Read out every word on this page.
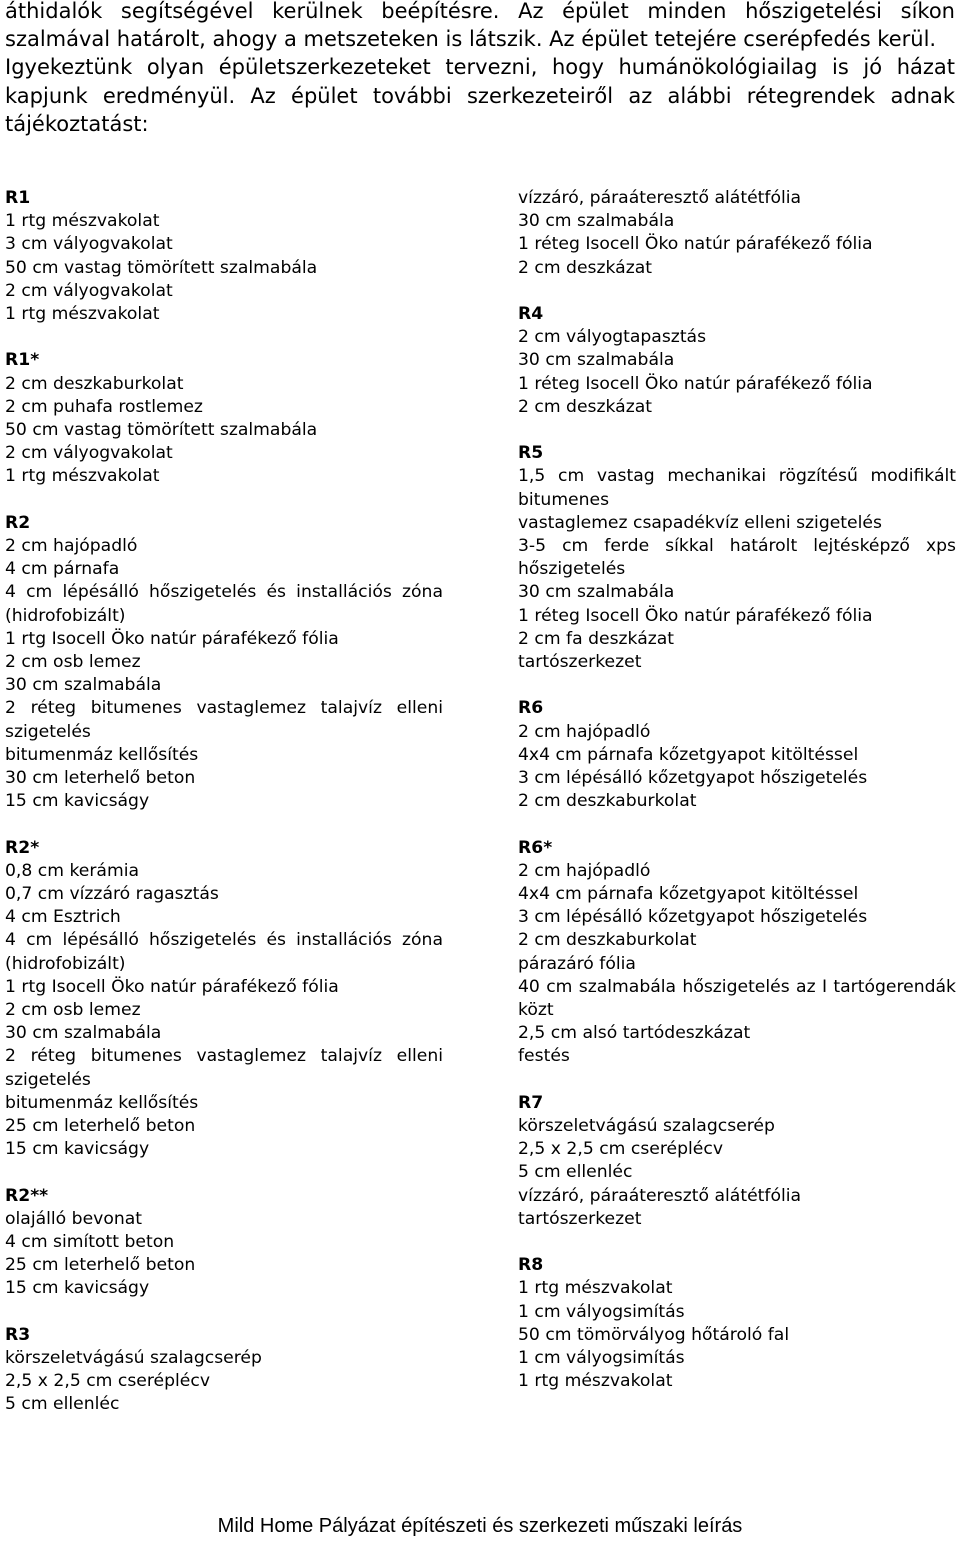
áthidalók segítségével kerülnek beépítésre. Az épület minden hőszigetelési síkon szalmával határolt, ahogy a metszeteken is látszik. Az épület tetejére cserépfedés kerül.

Igyekeztünk olyan épületszerkezeteket tervezni, hogy humánökológiailag is jó házat kapjunk eredményül. Az épület további szerkezeteiről az alábbi rétegrendek adnak tájékoztatást:

R1
1 rtg mészvakolat
3 cm vályogvakolat
50 cm vastag tömörített szalmabála
2 cm vályogvakolat
1 rtg mészvakolat
R1*
2 cm deszkaburkolat
2 cm puhafa rostlemez
50 cm vastag tömörített szalmabála
2 cm vályogvakolat
1 rtg mészvakolat
R2
2 cm hajópadló
4 cm párnafa
4 cm lépésálló hőszigetelés és installációs zóna (hidrofobizált)
1 rtg Isocell Öko natúr párafékező fólia
2 cm osb lemez
30 cm szalmabála
2 réteg bitumenes vastaglemez talajvíz elleni szigetelés
bitumenmáz kellősítés
30 cm leterhelő beton
15 cm kavicságy
R2*
0,8 cm kerámia
0,7 cm vízzáró ragasztás
4 cm Esztrich
4 cm lépésálló hőszigetelés és installációs zóna (hidrofobizált)
1 rtg Isocell Öko natúr párafékező fólia
2 cm osb lemez
30 cm szalmabála
2 réteg bitumenes vastaglemez talajvíz elleni szigetelés
bitumenmáz kellősítés
25 cm leterhelő beton
15 cm kavicságy
R2**
olajálló bevonat
4 cm simított beton
25 cm leterhelő beton
15 cm kavicságy
R3
körszeletvágású szalagcserép
2,5 x 2,5 cm cseréplécv
5 cm ellenléc
vízzáró, páraáteresztő alátétfólia
30 cm szalmabála
1 réteg Isocell Öko natúr párafékező fólia
2 cm deszkázat
R4
2 cm vályogtapasztás
30 cm szalmabála
1 réteg Isocell Öko natúr párafékező fólia
2 cm deszkázat
R5
1,5 cm vastag mechanikai rögzítésű modifikált bitumenes
vastaglemez csapadékvíz elleni szigetelés
3-5 cm ferde síkkal határolt lejtésképző xps hőszigetelés
30 cm szalmabála
1 réteg Isocell Öko natúr párafékező fólia
2 cm fa deszkázat
tartószerkezet
R6
2 cm hajópadló
4x4 cm párnafa kőzetgyapot kitöltéssel
3 cm lépésálló kőzetgyapot hőszigetelés
2 cm deszkaburkolat
R6*
2 cm hajópadló
4x4 cm párnafa kőzetgyapot kitöltéssel
3 cm lépésálló kőzetgyapot hőszigetelés
2 cm deszkaburkolat
párazáró fólia
40 cm szalmabála hőszigetelés az I tartógerendák közt
2,5 cm alsó tartódeszkázat
festés
R7
körszeletvágású szalagcserép
2,5 x 2,5 cm cseréplécv
5 cm ellenléc
vízzáró, páraáteresztő alátétfólia
tartószerkezet
R8
1 rtg mészvakolat
1 cm vályogsimítás
50 cm tömörvályog hőtároló fal
1 cm vályogsimítás
1 rtg mészvakolat
Mild Home Pályázat építészeti és szerkezeti műszaki leírás
